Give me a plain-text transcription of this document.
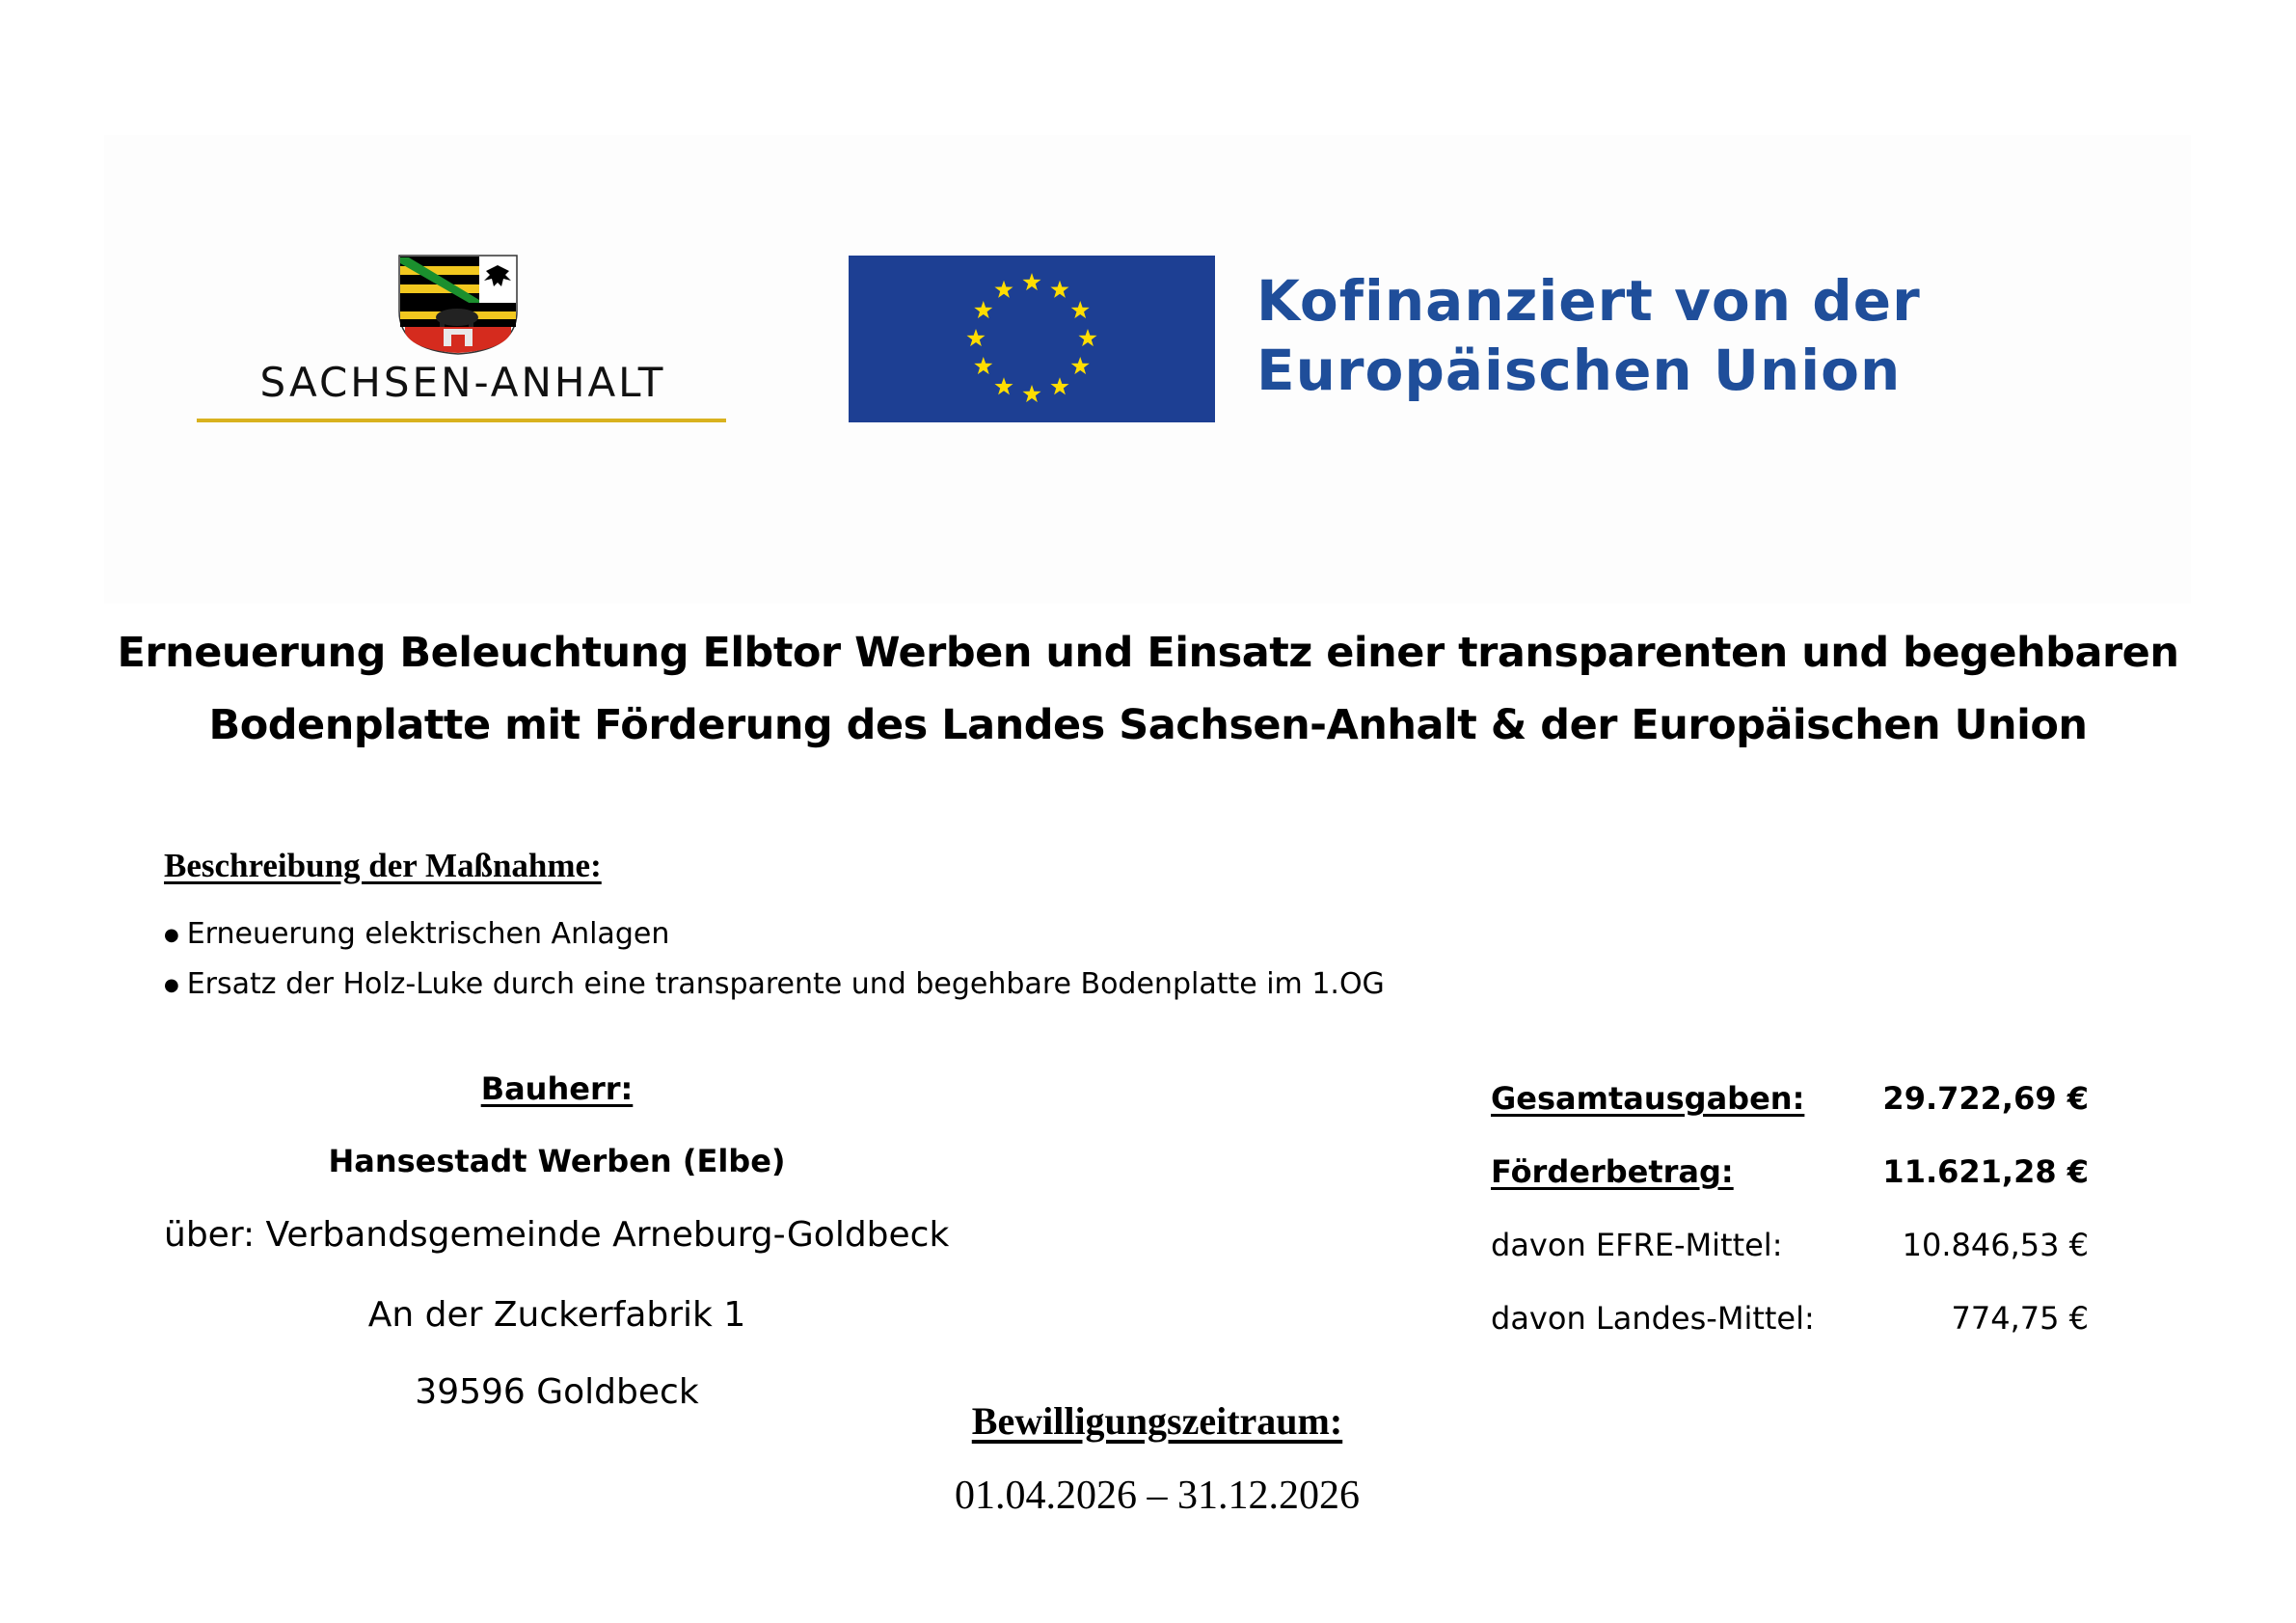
SACHSEN-ANHALT
Kofinanziert von der
Europäischen Union
Erneuerung Beleuchtung Elbtor Werben und Einsatz einer transparenten und begehbaren
Bodenplatte mit Förderung des Landes Sachsen-Anhalt & der Europäischen Union
Beschreibung der Maßnahme:
● Erneuerung elektrischen Anlagen
● Ersatz der Holz-Luke durch eine transparente und begehbare Bodenplatte im 1.OG
Bauherr:
Hansestadt Werben (Elbe)
über: Verbandsgemeinde Arneburg-Goldbeck
An der Zuckerfabrik 1
39596 Goldbeck
Gesamtausgaben:	29.722,69 €
Förderbetrag:	11.621,28 €
davon EFRE-Mittel:	10.846,53 €
davon Landes-Mittel:	774,75 €
Bewilligungszeitraum:
01.04.2026 – 31.12.2026
